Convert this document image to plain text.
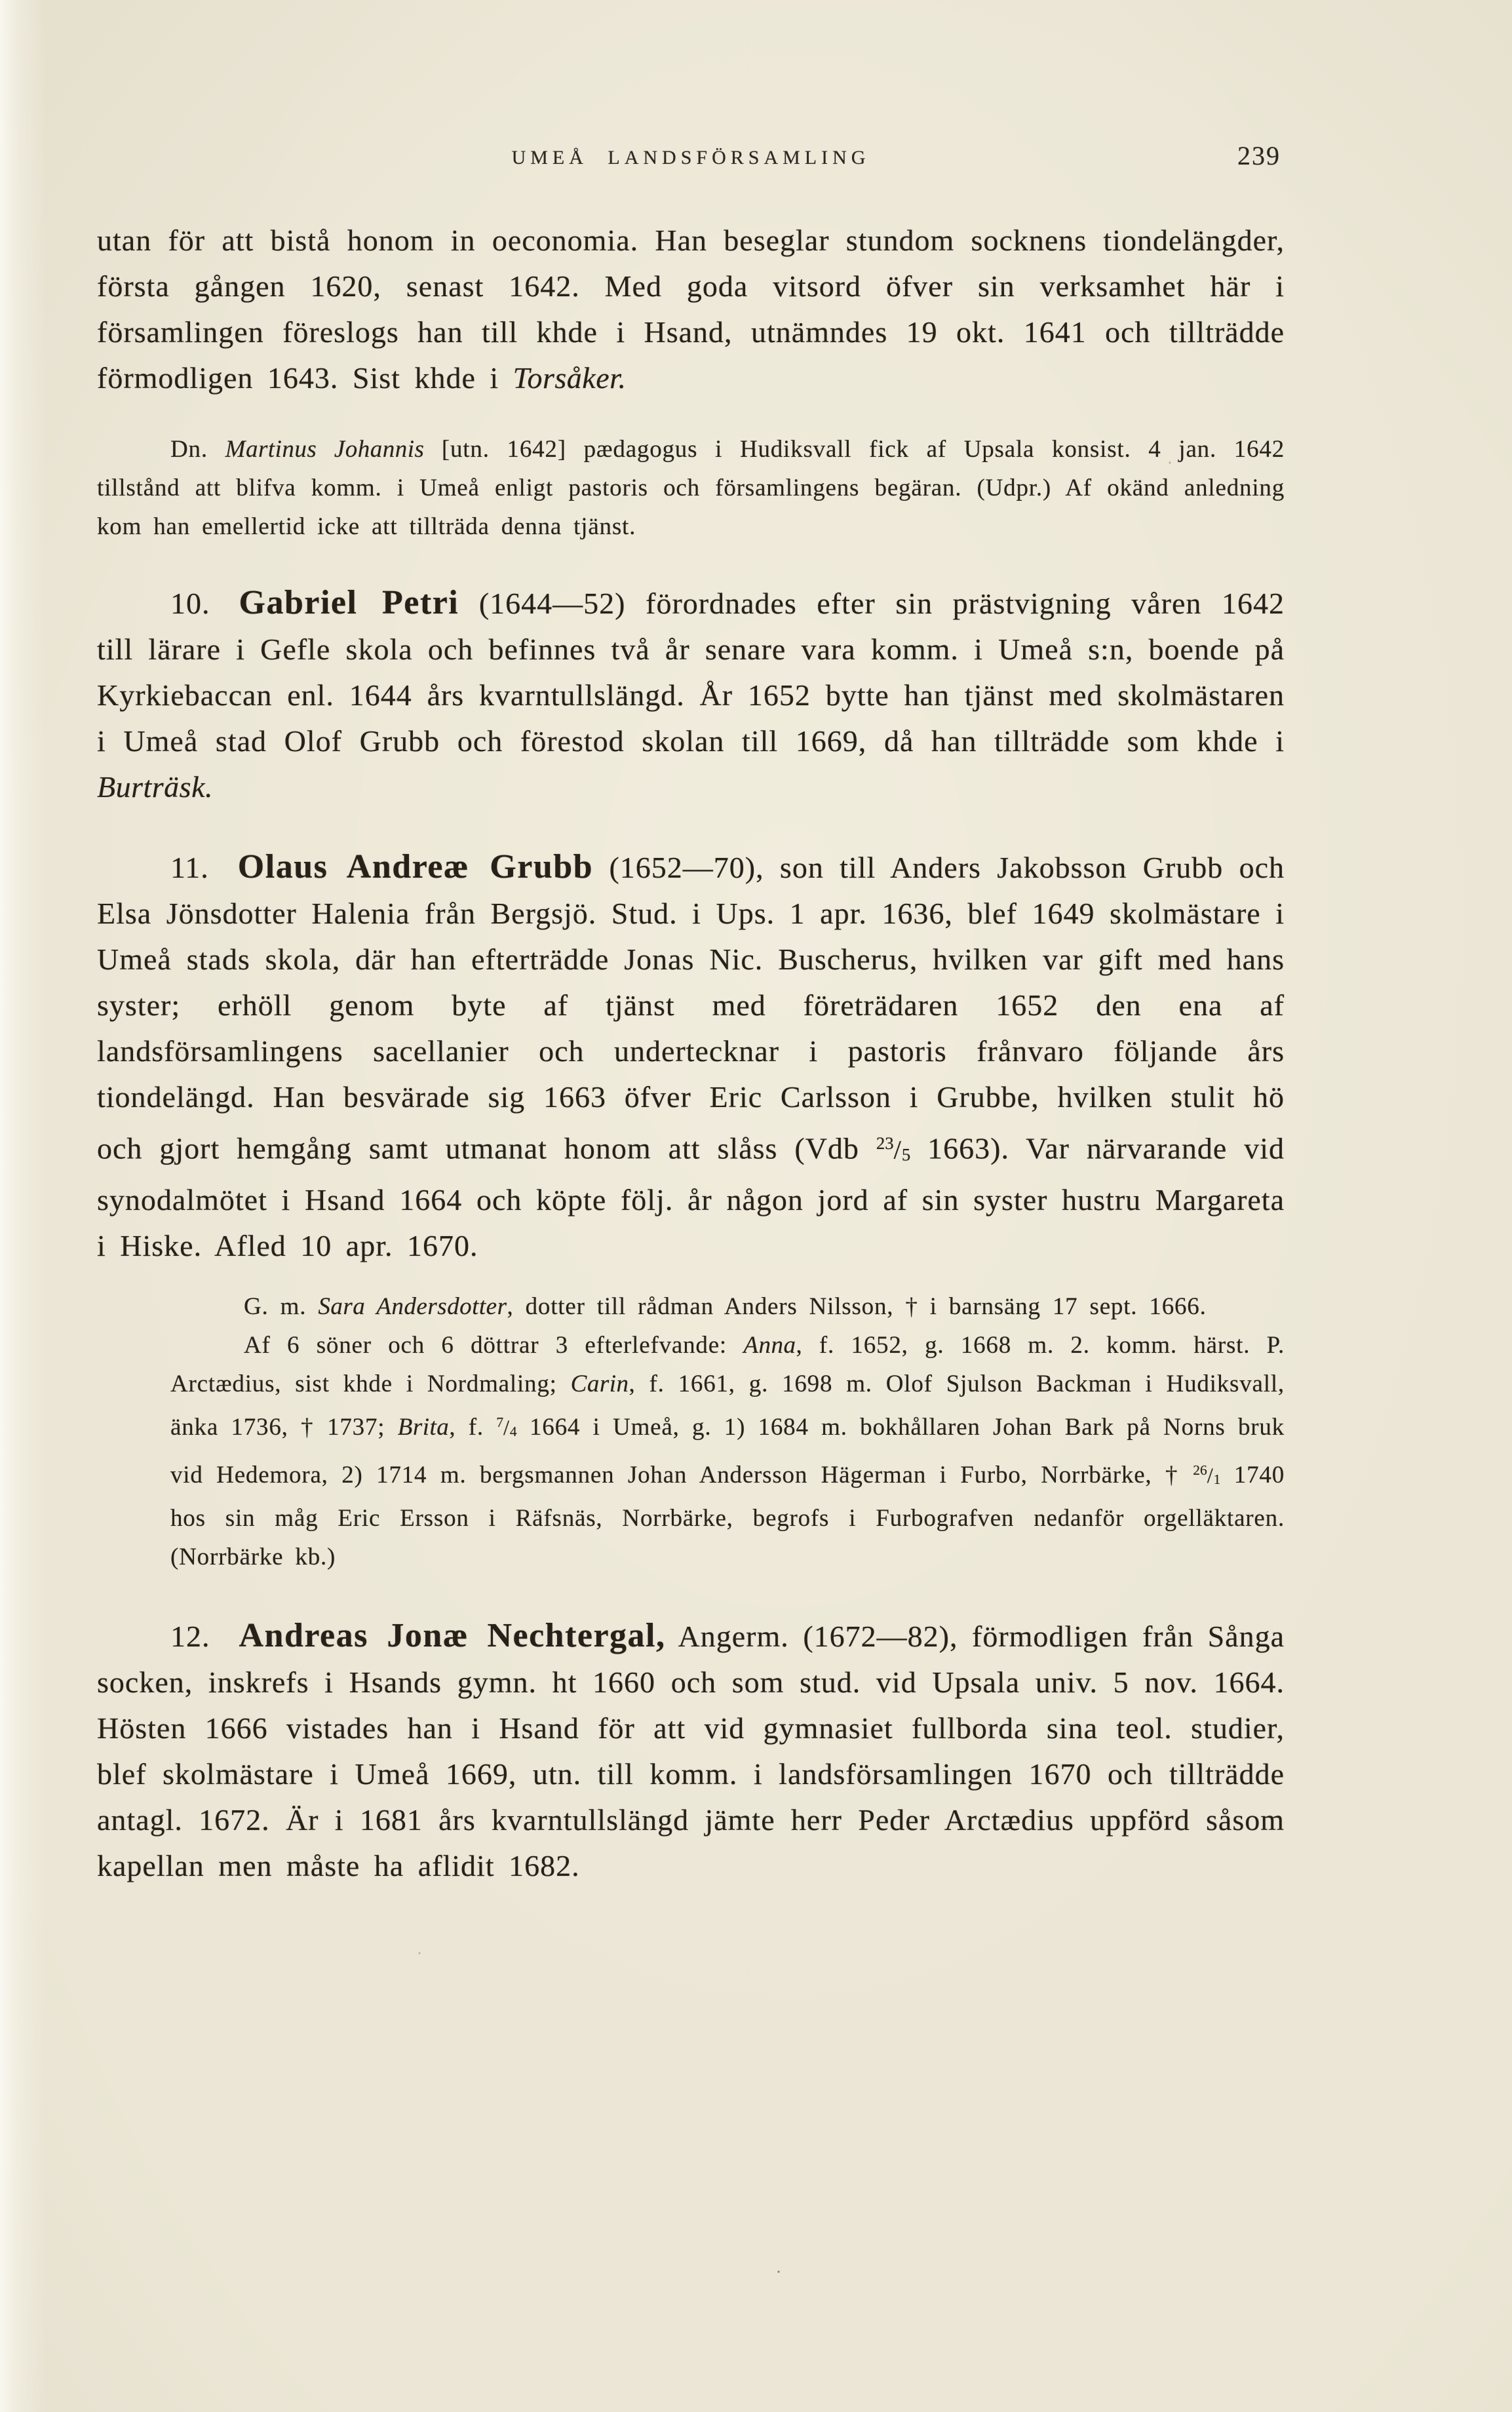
UMEÅ LANDSFÖRSAMLING	239

utan för att bistå honom in oeconomia. Han beseglar stundom socknens tiondelängder, första gången 1620, senast 1642. Med goda vitsord öfver sin verksamhet här i församlingen föreslogs han till khde i Hsand, utnämndes 19 okt. 1641 och tillträdde förmodligen 1643. Sist khde i Torsåker.

Dn. Martinus Johannis [utn. 1642] pædagogus i Hudiksvall fick af Upsala konsist. 4 jan. 1642 tillstånd att blifva komm. i Umeå enligt pastoris och församlingens begäran. (Udpr.) Af okänd anledning kom han emellertid icke att tillträda denna tjänst.

10. Gabriel Petri (1644—52) förordnades efter sin prästvigning våren 1642 till lärare i Gefle skola och befinnes två år senare vara komm. i Umeå s:n, boende på Kyrkiebaccan enl. 1644 års kvarntullslängd. År 1652 bytte han tjänst med skolmästaren i Umeå stad Olof Grubb och förestod skolan till 1669, då han tillträdde som khde i Burträsk.

11. Olaus Andreæ Grubb (1652—70), son till Anders Jakobsson Grubb och Elsa Jönsdotter Halenia från Bergsjö. Stud. i Ups. 1 apr. 1636, blef 1649 skolmästare i Umeå stads skola, där han efterträdde Jonas Nic. Buscherus, hvilken var gift med hans syster; erhöll genom byte af tjänst med företrädaren 1652 den ena af landsförsamlingens sacellanier och undertecknar i pastoris frånvaro följande års tiondelängd. Han besvärade sig 1663 öfver Eric Carlsson i Grubbe, hvilken stulit hö och gjort hemgång samt utmanat honom att slåss (Vdb $^{23}$/5 1663). Var närvarande vid synodalmötet i Hsand 1664 och köpte följ. år någon jord af sin syster hustru Margareta i Hiske. Afled 10 apr. 1670.

G. m. Sara Andersdotter, dotter till rådman Anders Nilsson, † i barnsäng 17 sept. 1666.

Af 6 söner och 6 döttrar 3 efterlefvande: Anna, f. 1652, g. 1668 m. 2. komm. härst. P. Arctædius, sist khde i Nordmaling; Carin, f. 1661, g. 1698 m. Olof Sjulson Backman i Hudiksvall, änka 1736, † 1737; Brita, f. $^7$/4 1664 i Umeå, g. 1) 1684 m. bokhållaren Johan Bark på Norns bruk vid Hedemora, 2) 1714 m. bergsmannen Johan Andersson Hägerman i Furbo, Norrbärke, † $^{26}$/1 1740 hos sin måg Eric Ersson i Räfsnäs, Norrbärke, begrofs i Furbografven nedanför orgelläktaren. (Norrbärke kb.)

12. Andreas Jonæ Nechtergal, Angerm. (1672—82), förmodligen från Sånga socken, inskrefs i Hsands gymn. ht 1660 och som stud. vid Upsala univ. 5 nov. 1664. Hösten 1666 vistades han i Hsand för att vid gymnasiet fullborda sina teol. studier, blef skolmästare i Umeå 1669, utn. till komm. i landsförsamlingen 1670 och tillträdde antagl. 1672. Är i 1681 års kvarntullslängd jämte herr Peder Arctædius uppförd såsom kapellan men måste ha aflidit 1682.
